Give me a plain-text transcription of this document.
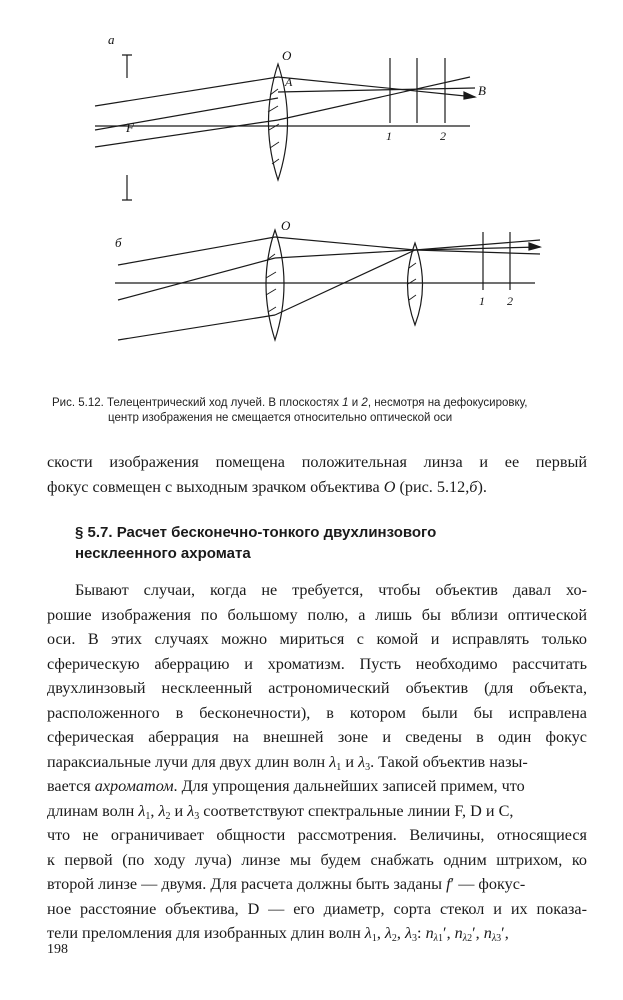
а
O
A
F
B
1	2
б
O
1 2
Рис. 5.12. Телецентрический ход лучей. В плоскостях 1 и 2, несмотря на дефокусировку,
центр изображения не смещается относительно оптической оси
скости изображения помещена положительная линза и ее первый
фокус совмещен с выходным зрачком объектива O (рис. 5.12,б).
§ 5.7. Расчет бесконечно-тонкого двухлинзового
несклеенного ахромата
Бывают случаи, когда не требуется, чтобы объектив давал хо-
рошие изображения по большому полю, а лишь бы вблизи оптической
оси. В этих случаях можно мириться с комой и исправлять только
сферическую аберрацию и хроматизм. Пусть необходимо рассчитать
двухлинзовый несклеенный астрономический объектив (для объекта,
расположенного в бесконечности), в котором были бы исправлена
сферическая аберрация на внешней зоне и сведены в один фокус
параксиальные лучи для двух длин волн $\lambda_1$ и $\lambda_3$. Такой объектив назы-
вается ахроматом. Для упрощения дальнейших записей примем, что
длинам волн $\lambda_1$, $\lambda_2$ и $\lambda_3$ соответствуют спектральные линии F, D и C,
что не ограничивает общности рассмотрения. Величины, относящиеся
к первой (по ходу луча) линзе мы будем снабжать одним штрихом, ко
второй линзе — двумя. Для расчета должны быть заданы f′ — фокус-
ное расстояние объектива, D — его диаметр, сорта стекол и их показа-
тели преломления для изобранных длин волн $\lambda_1$, $\lambda_2$, $\lambda_3$: $n_{\lambda 1}'$, $n_{\lambda 2}'$, $n_{\lambda 3}'$,
198
